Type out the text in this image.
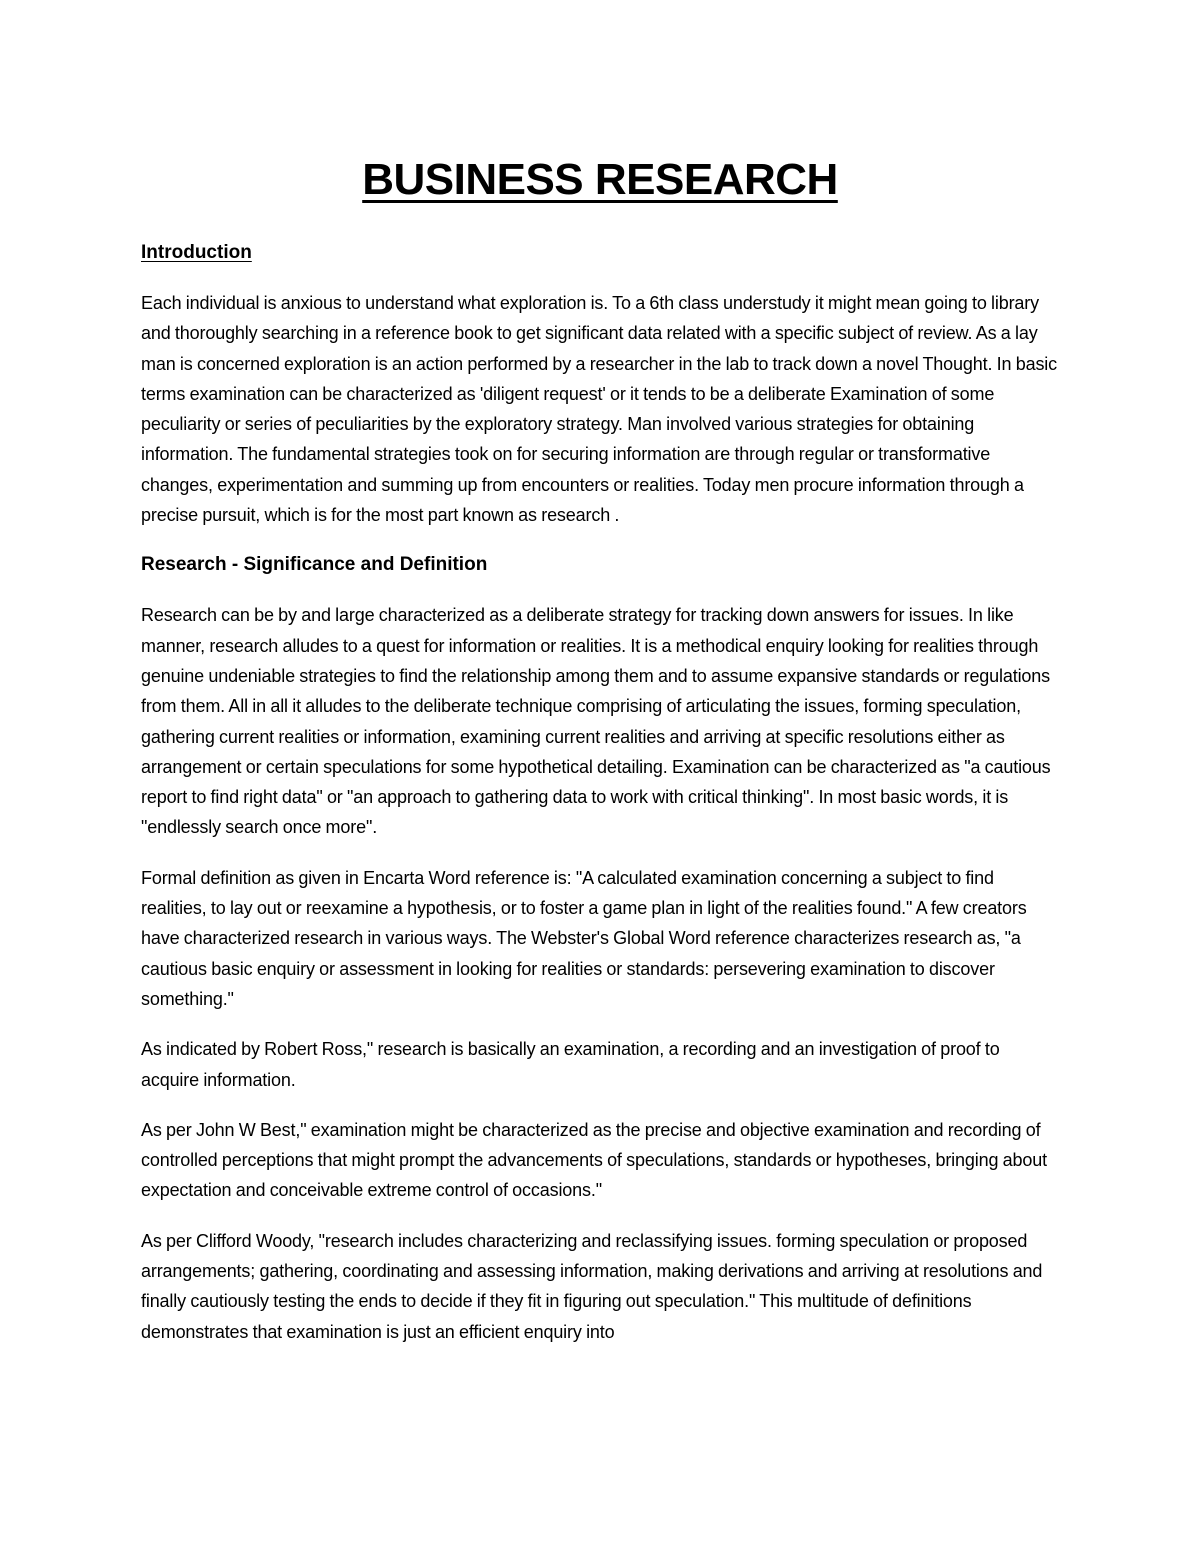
BUSINESS RESEARCH
Introduction

Each individual is anxious to understand what exploration is. To a 6th class understudy it might mean going to library and thoroughly searching in a reference book to get significant data related with a specific subject of review. As a lay man is concerned exploration is an action performed by a researcher in the lab to track down a novel Thought. In basic terms examination can be characterized as 'diligent request' or it tends to be a deliberate Examination of some peculiarity or series of peculiarities by the exploratory strategy. Man involved various strategies for obtaining information. The fundamental strategies took on for securing information are through regular or transformative changes, experimentation and summing up from encounters or realities. Today men procure information through a precise pursuit, which is for the most part known as research .

Research - Significance and Definition

Research can be by and large characterized as a deliberate strategy for tracking down answers for issues. In like manner, research alludes to a quest for information or realities. It is a methodical enquiry looking for realities through genuine undeniable strategies to find the relationship among them and to assume expansive standards or regulations from them. All in all it alludes to the deliberate technique comprising of articulating the issues, forming speculation, gathering current realities or information, examining current realities and arriving at specific resolutions either as arrangement or certain speculations for some hypothetical detailing. Examination can be characterized as "a cautious report to find right data" or "an approach to gathering data to work with critical thinking". In most basic words, it is "endlessly search once more".

Formal definition as given in Encarta Word reference is: "A calculated examination concerning a subject to find realities, to lay out or reexamine a hypothesis, or to foster a game plan in light of the realities found." A few creators have characterized research in various ways. The Webster's Global Word reference characterizes research as, "a cautious basic enquiry or assessment in looking for realities or standards: persevering examination to discover something."

As indicated by Robert Ross," research is basically an examination, a recording and an investigation of proof to acquire information.

As per John W Best," examination might be characterized as the precise and objective examination and recording of controlled perceptions that might prompt the advancements of speculations, standards or hypotheses, bringing about expectation and conceivable extreme control of occasions."

As per Clifford Woody, "research includes characterizing and reclassifying issues. forming speculation or proposed arrangements; gathering, coordinating and assessing information, making derivations and arriving at resolutions and finally cautiously testing the ends to decide if they fit in figuring out speculation." This multitude of definitions demonstrates that examination is just an efficient enquiry into
